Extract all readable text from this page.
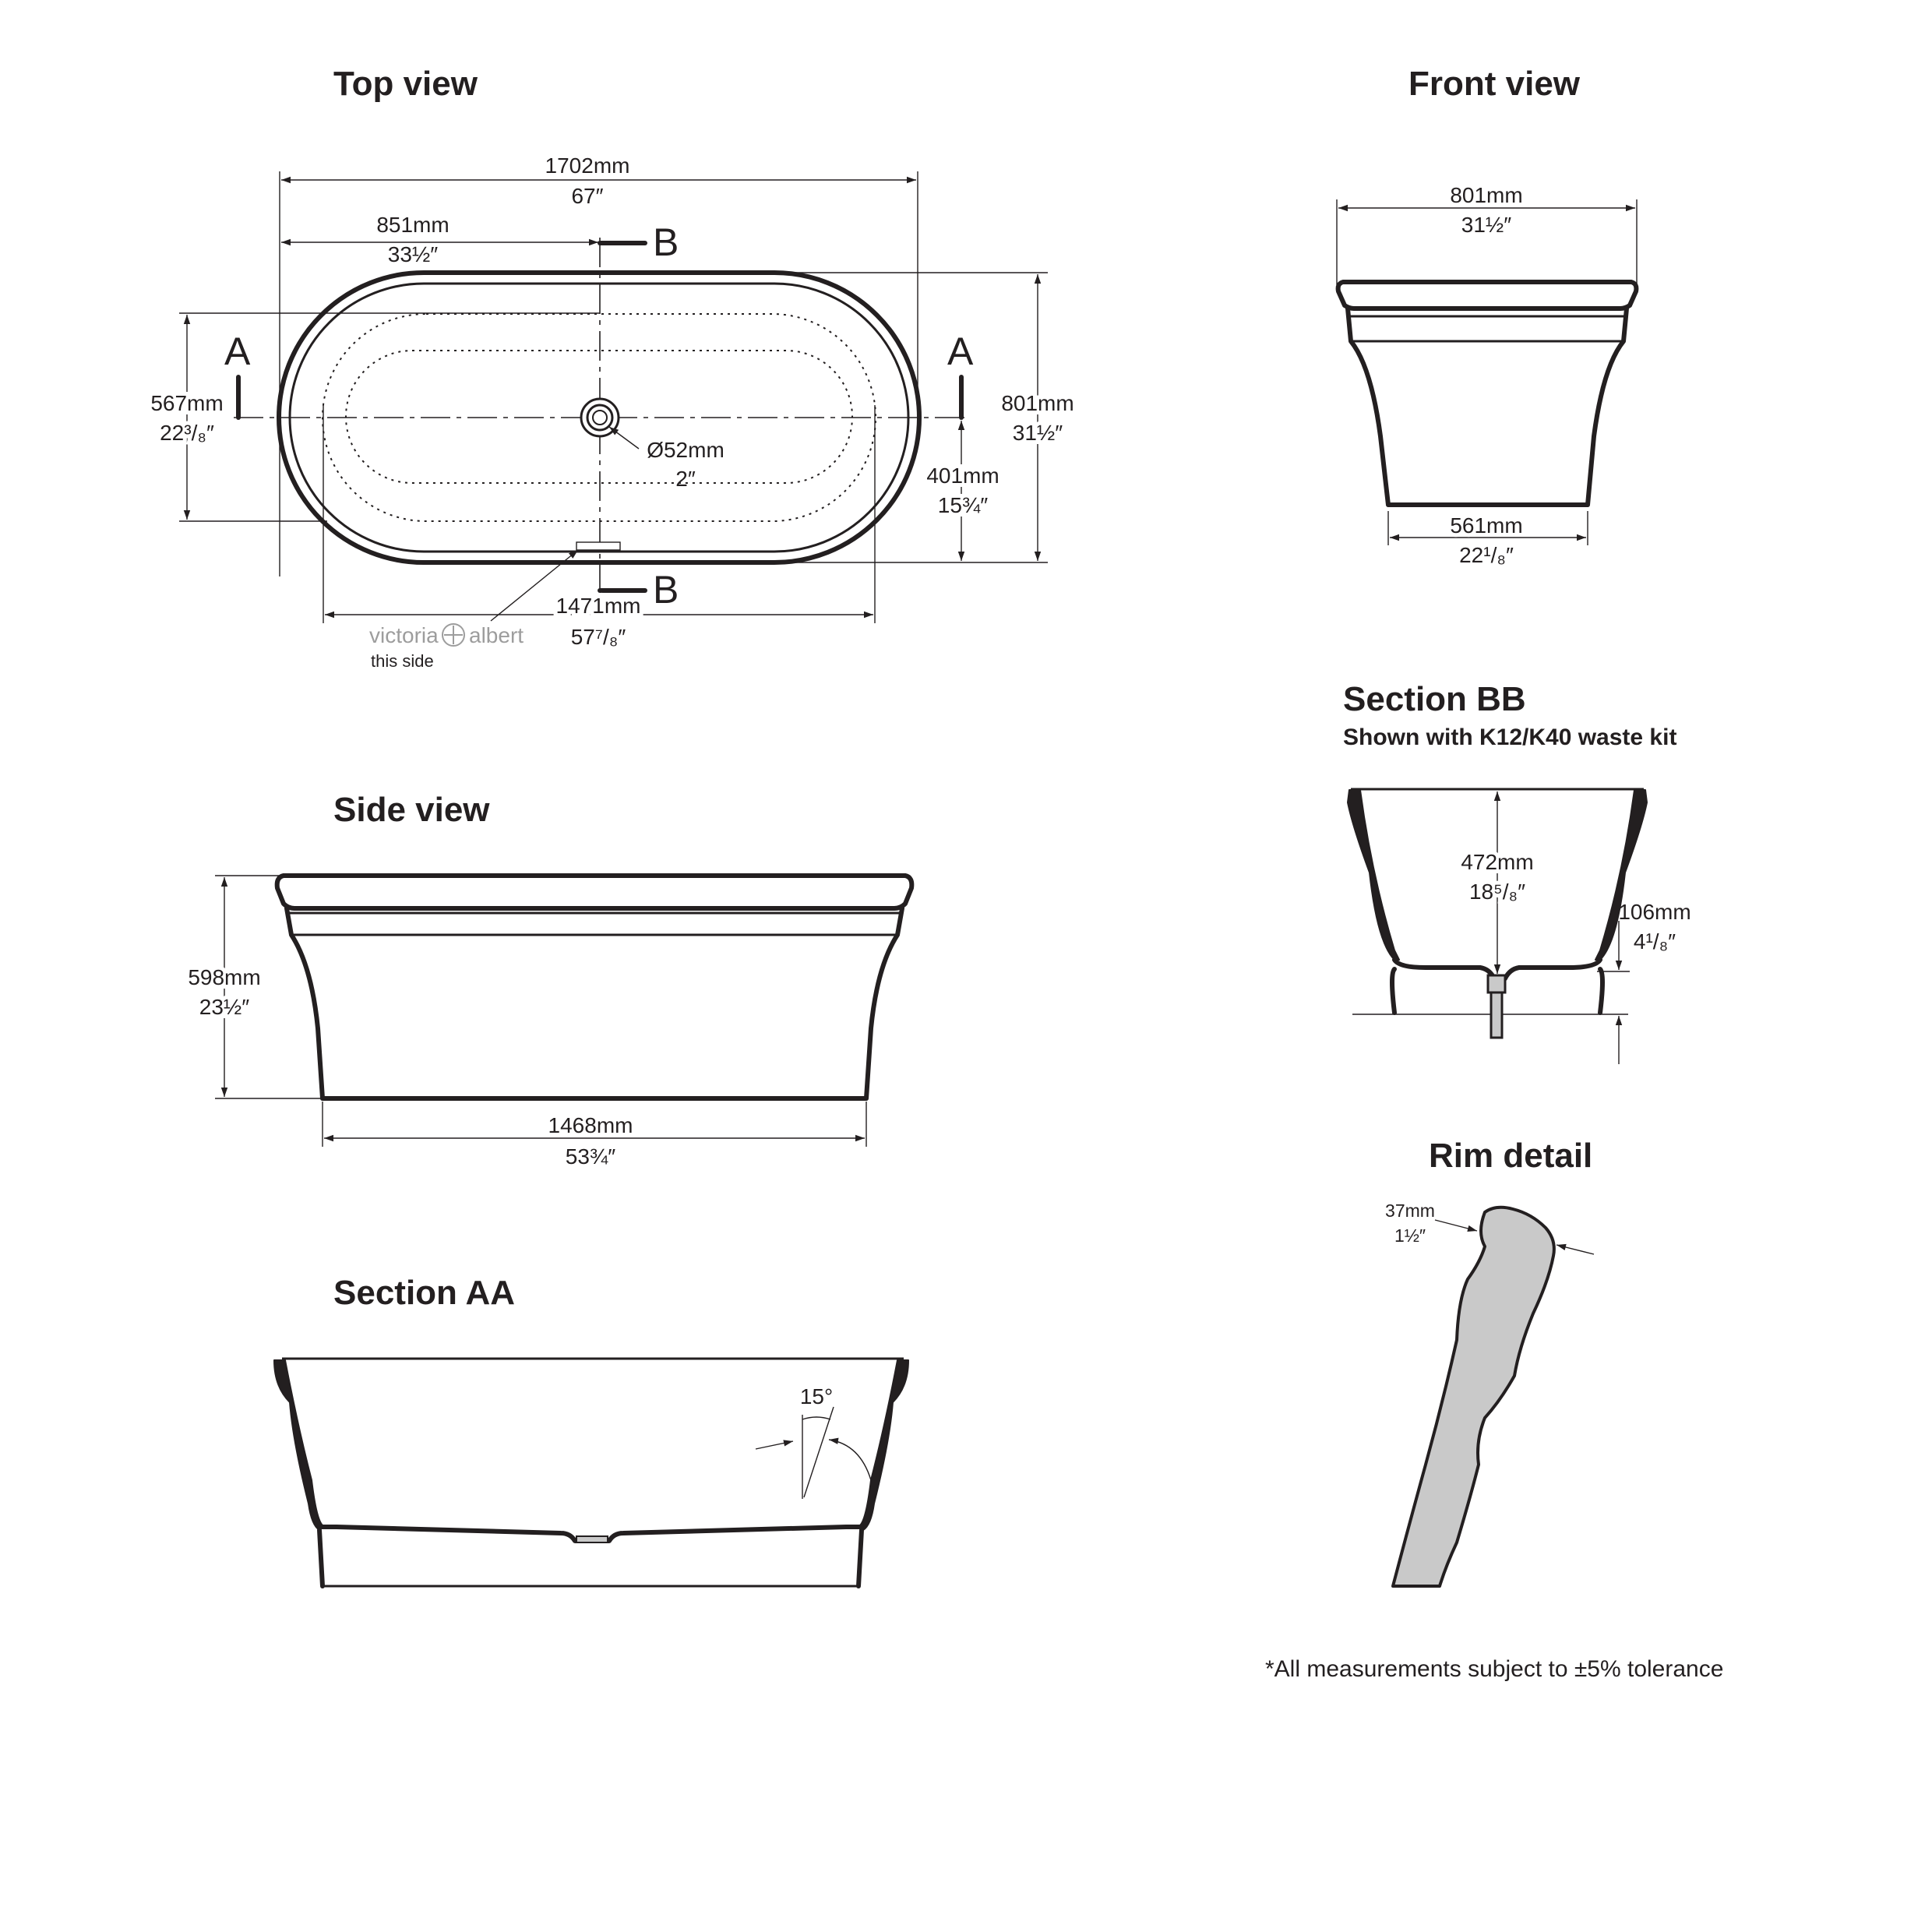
Top view
A	A
B
B
1702mm
67″
851mm
33½″
567mm
22³/₈″
801mm
31½″
401mm
15¾″
Ø52mm
2″
1471mm
57⁷/₈″
victoria albert
this side
Front view
801mm
31½″
561mm
22¹/₈″
Section BB
Shown with K12/K40 waste kit
472mm
18⁵/₈″
106mm
4¹/₈″
Rim detail
37mm
1½″
Side view
598mm
23½″
1468mm
53¾″
Section AA
15°
*All measurements subject to ±5% tolerance
